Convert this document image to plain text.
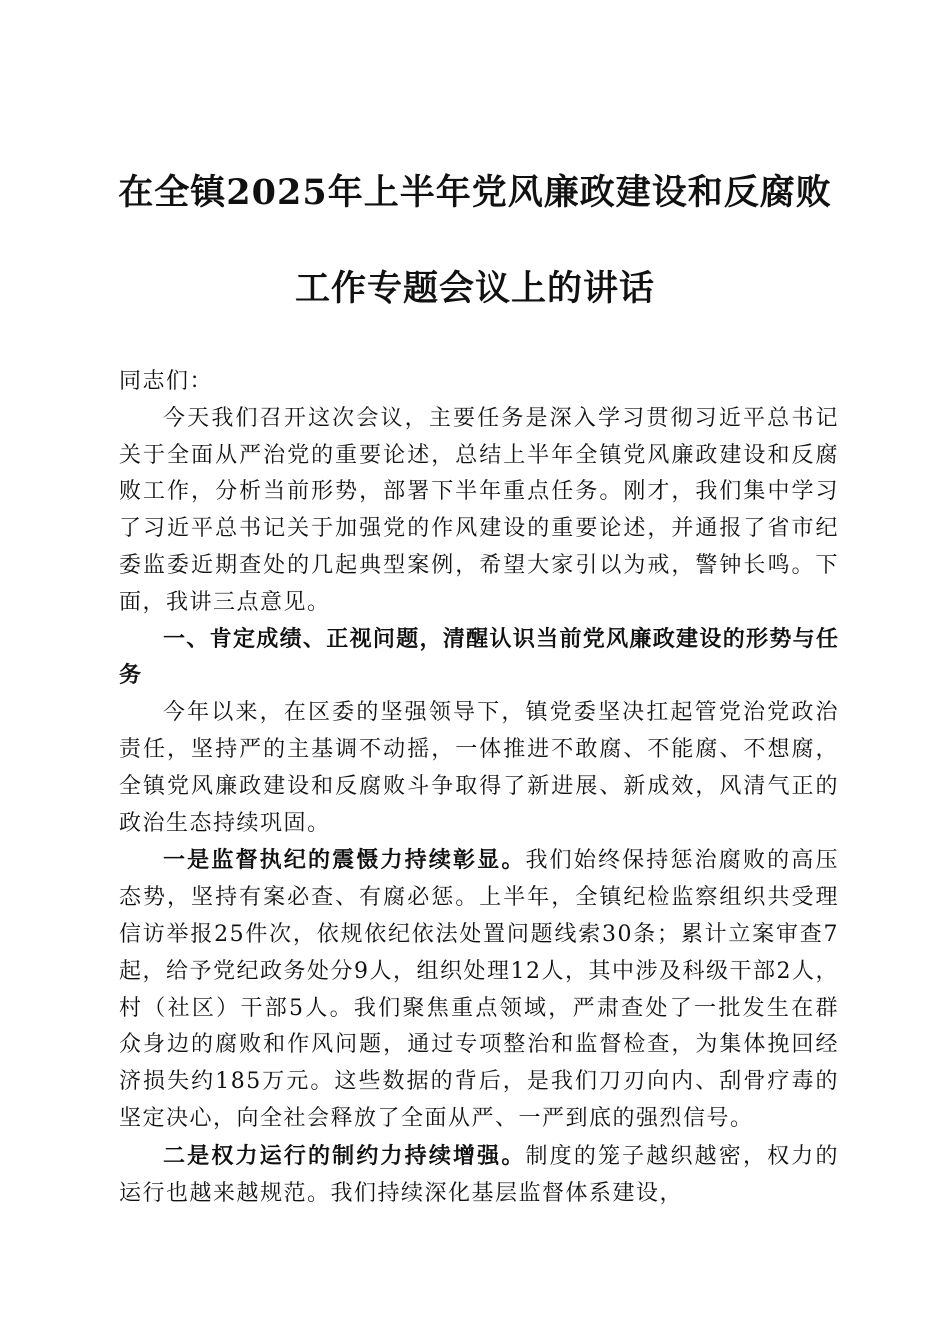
在全镇2025年上半年党风廉政建设和反腐败
工作专题会议上的讲话

同志们：

今天我们召开这次会议，主要任务是深入学习贯彻习近平总书记关于全面从严治党的重要论述，总结上半年全镇党风廉政建设和反腐败工作，分析当前形势，部署下半年重点任务。刚才，我们集中学习了习近平总书记关于加强党的作风建设的重要论述，并通报了省市纪委监委近期查处的几起典型案例，希望大家引以为戒，警钟长鸣。下面，我讲三点意见。

一、肯定成绩、正视问题，清醒认识当前党风廉政建设的形势与任务

今年以来，在区委的坚强领导下，镇党委坚决扛起管党治党政治责任，坚持严的主基调不动摇，一体推进不敢腐、不能腐、不想腐，全镇党风廉政建设和反腐败斗争取得了新进展、新成效，风清气正的政治生态持续巩固。

一是监督执纪的震慑力持续彰显。我们始终保持惩治腐败的高压态势，坚持有案必查、有腐必惩。上半年，全镇纪检监察组织共受理信访举报25件次，依规依纪依法处置问题线索30条；累计立案审查7起，给予党纪政务处分9人，组织处理12人，其中涉及科级干部2人，村（社区）干部5人。我们聚焦重点领域，严肃查处了一批发生在群众身边的腐败和作风问题，通过专项整治和监督检查，为集体挽回经济损失约185万元。这些数据的背后，是我们刀刃向内、刮骨疗毒的坚定决心，向全社会释放了全面从严、一严到底的强烈信号。

二是权力运行的制约力持续增强。制度的笼子越织越密，权力的运行也越来越规范。我们持续深化基层监督体系建设，
